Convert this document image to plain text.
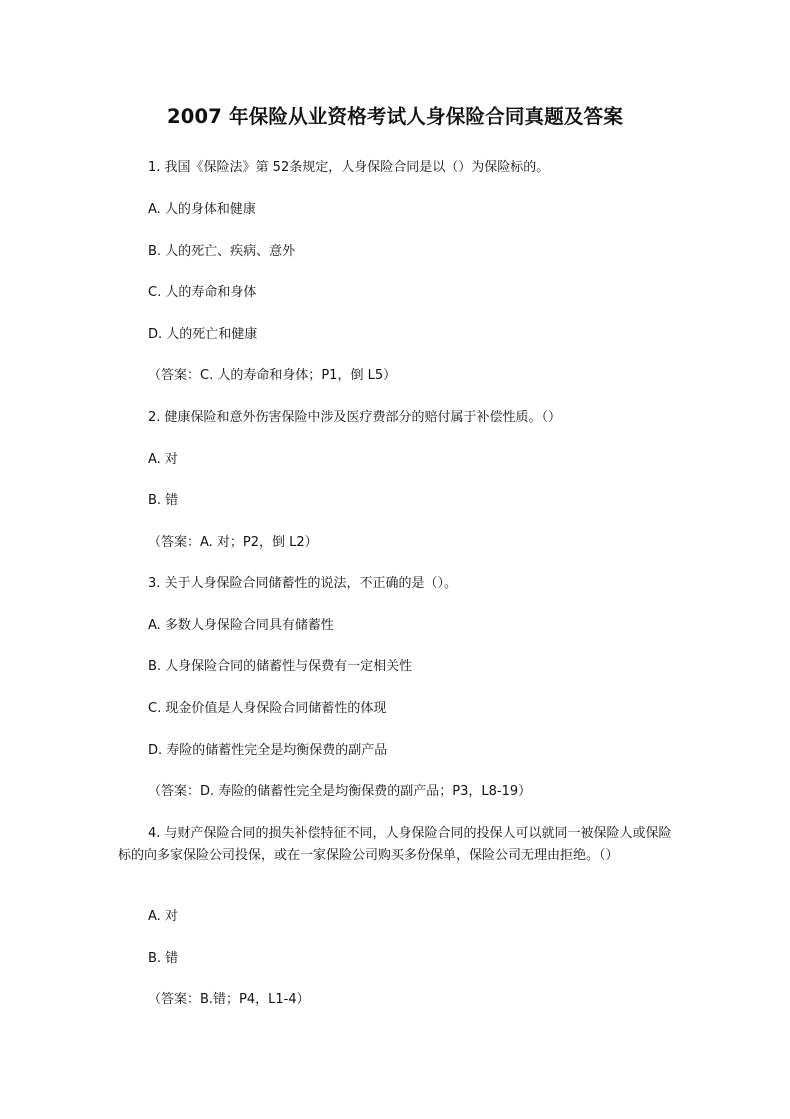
2007 年保险从业资格考试人身保险合同真题及答案
1. 我国《保险法》第 52条规定，人身保险合同是以（）为保险标的。
A. 人的身体和健康
B. 人的死亡、疾病、意外
C. 人的寿命和身体
D. 人的死亡和健康
（答案：C. 人的寿命和身体；P1，倒 L5）
2. 健康保险和意外伤害保险中涉及医疗费部分的赔付属于补偿性质。（）
A. 对
B. 错
（答案：A. 对；P2，倒 L2）
3. 关于人身保险合同储蓄性的说法，不正确的是（）。
A. 多数人身保险合同具有储蓄性
B. 人身保险合同的储蓄性与保费有一定相关性
C. 现金价值是人身保险合同储蓄性的体现
D. 寿险的储蓄性完全是均衡保费的副产品
（答案：D. 寿险的储蓄性完全是均衡保费的副产品；P3，L8-19）
4. 与财产保险合同的损失补偿特征不同，人身保险合同的投保人可以就同一被保险人或保险标的向多家保险公司投保，或在一家保险公司购买多份保单，保险公司无理由拒绝。（）
A. 对
B. 错
（答案：B.错；P4，L1-4）
